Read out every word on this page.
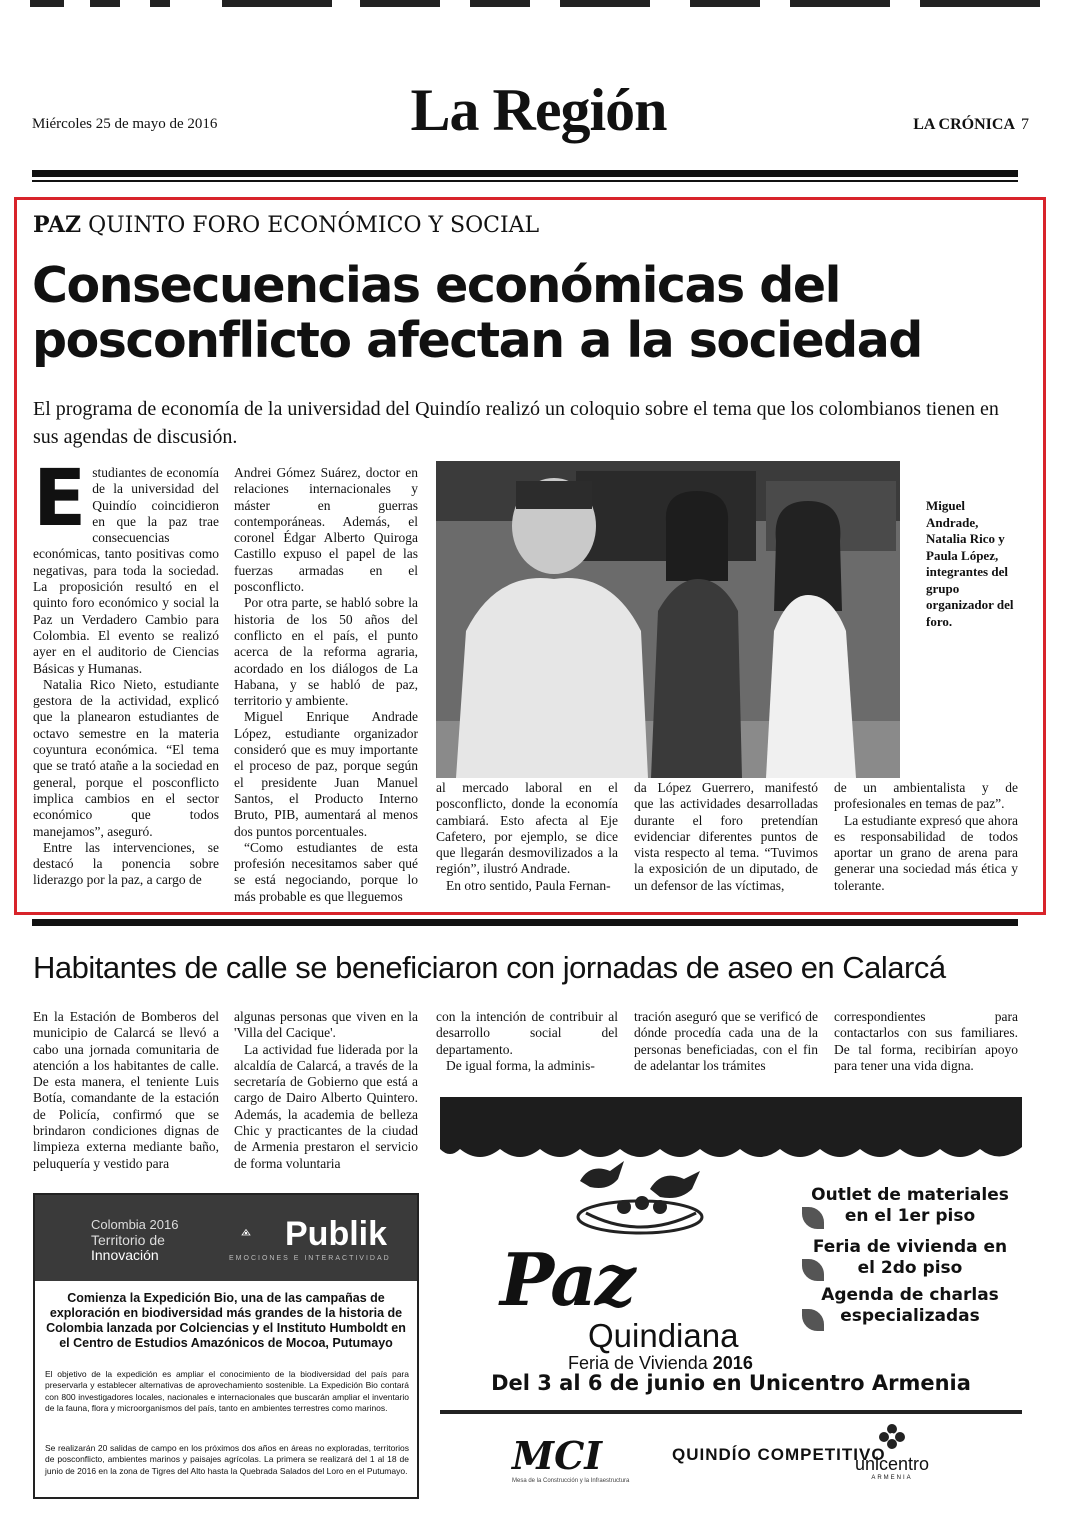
Miércoles 25 de mayo de 2016	La Región	LA CRÓNICA 7
PAZ QUINTO FORO ECONÓMICO Y SOCIAL
Consecuencias económicas del
posconflicto afectan a la sociedad
El programa de economía de la universidad del Quindío realizó un coloquio sobre el tema que los colombianos tienen en sus agendas de discusión.
E studiantes de economía de la universidad del Quindío coincidieron en que la paz trae consecuencias económicas, tanto positivas como negativas, para toda la sociedad. La proposición resultó en el quinto foro económico y social la Paz un Verdadero Cambio para Colombia. El evento se realizó ayer en el auditorio de Ciencias Básicas y Humanas.

Natalia Rico Nieto, estudiante gestora de la actividad, explicó que la planearon estudiantes de octavo semestre en la materia coyuntura económica. “El tema que se trató atañe a la sociedad en general, porque el posconflicto implica cambios en el sector económico que todos manejamos”, aseguró.

Entre las intervenciones, se destacó la ponencia sobre liderazgo por la paz, a cargo de

Andrei Gómez Suárez, doctor en relaciones internacionales y máster en guerras contemporáneas. Además, el coronel Édgar Alberto Quiroga Castillo expuso el papel de las fuerzas armadas en el posconflicto.

Por otra parte, se habló sobre la historia de los 50 años del conflicto en el país, el punto acerca de la reforma agraria, acordado en los diálogos de La Habana, y se habló de paz, territorio y ambiente.

Miguel Enrique Andrade López, estudiante organizador consideró que es muy importante el proceso de paz, porque según el presidente Juan Manuel Santos, el Producto Interno Bruto, PIB, aumentará al menos dos puntos porcentuales.

“Como estudiantes de esta profesión necesitamos saber qué se está negociando, porque lo más probable es que lleguemos

Miguel Andrade, Natalia Rico y Paula López, integrantes del grupo organizador del foro.

al mercado laboral en el posconflicto, donde la economía cambiará. Esto afecta al Eje Cafetero, por ejemplo, se dice que llegarán desmovilizados a la región”, ilustró Andrade.

En otro sentido, Paula Fernan-

da López Guerrero, manifestó que las actividades desarrolladas durante el foro pretendían evidenciar diferentes puntos de vista respecto al tema. “Tuvimos la exposición de un diputado, de un defensor de las víctimas,

de un ambientalista y de profesionales en temas de paz”.

La estudiante expresó que ahora es responsabilidad de todos aportar un grano de arena para generar una sociedad más ética y tolerante.

Habitantes de calle se beneficiaron con jornadas de aseo en Calarcá

En la Estación de Bomberos del municipio de Calarcá se llevó a cabo una jornada comunitaria de atención a los habitantes de calle. De esta manera, el teniente Luis Botía, comandante de la estación de Policía, confirmó que se brindaron condiciones dignas de limpieza externa mediante baño, peluquería y vestido para

algunas personas que viven en la 'Villa del Cacique'.

La actividad fue liderada por la alcaldía de Calarcá, a través de la secretaría de Gobierno que está a cargo de Dairo Alberto Quintero. Además, la academia de belleza Chic y practicantes de la ciudad de Armenia prestaron el servicio de forma voluntaria

con la intención de contribuir al desarrollo social del departamento.

De igual forma, la adminis-

tración aseguró que se verificó de dónde procedía cada una de la personas beneficiadas, con el fin de adelantar los trámites

correspondientes para contactarlos con sus familiares. De tal forma, recibirían apoyo para tener una vida digna.

Colombia 2016
Territorio de
Innovación
Publik
EMOCIONES E INTERACTIVIDAD
Comienza la Expedición Bio, una de las campañas de exploración en biodiversidad más grandes de la historia de Colombia lanzada por Colciencias y el Instituto Humboldt en el Centro de Estudios Amazónicos de Mocoa, Putumayo
El objetivo de la expedición es ampliar el conocimiento de la biodiversidad del país para preservarla y establecer alternativas de aprovechamiento sostenible. La Expedición Bio contará con 800 investigadores locales, nacionales e internacionales que buscarán ampliar el inventario de la fauna, flora y microorganismos del país, tanto en ambientes terrestres como marinos.
Se realizarán 20 salidas de campo en los próximos dos años en áreas no exploradas, territorios de posconflicto, ambientes marinos y paisajes agrícolas. La primera se realizará del 1 al 18 de junio de 2016 en la zona de Tigres del Alto hasta la Quebrada Salados del Loro en el Putumayo.
Paz
Quindiana
Feria de Vivienda 2016
Outlet de materiales en el 1er piso
Feria de vivienda en el 2do piso
Agenda de charlas especializadas
Del 3 al 6 de junio en Unicentro Armenia
MCI
Mesa de la Construcción y la Infraestructura
QUINDÍO COMPETITIVO
unicentro
ARMENIA
